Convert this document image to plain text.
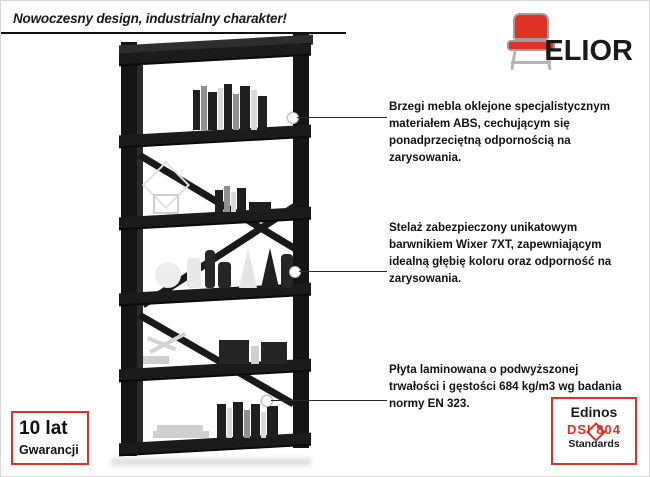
Nowoczesny design, industrialny charakter!
ELIOR
Brzegi mebla oklejone specjalistycznym materiałem ABS, cechującym się ponadprzeciętną odpornością na zarysowania.
Stelaż zabezpieczony unikatowym barwnikiem Wixer 7XT, zapewniającym idealną głębię koloru oraz odporność na zarysowania.
Płyta laminowana o podwyższonej trwałości i gęstości 684 kg/m3 wg badania normy EN 323.
10 lat
Gwarancji
Edinos
DSI 804
Standards
